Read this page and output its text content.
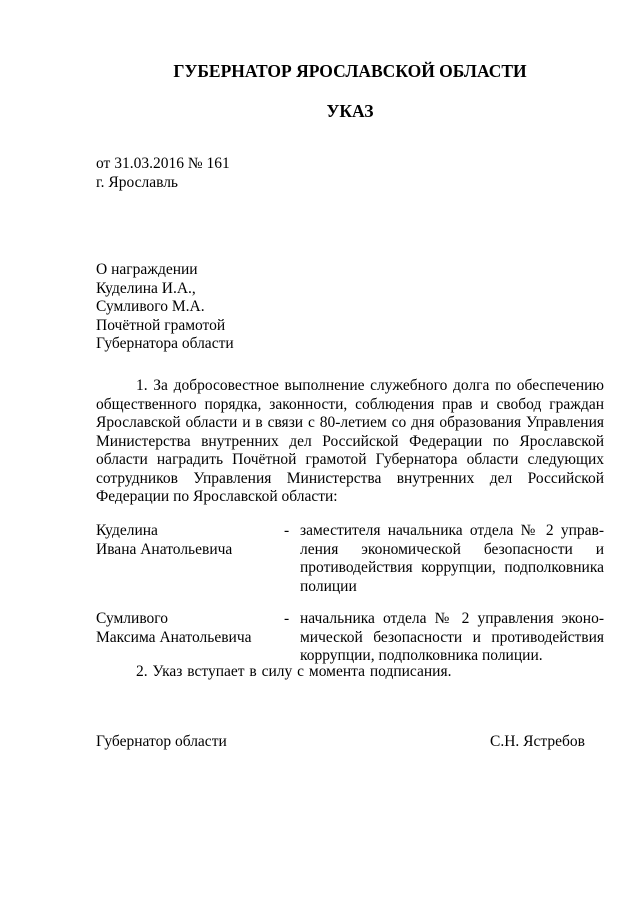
ГУБЕРНАТОР ЯРОСЛАВСКОЙ ОБЛАСТИ
УКАЗ
от 31.03.2016 № 161
г. Ярославль
О награждении
Куделина И.А.,
Сумливого М.А.
Почётной грамотой
Губернатора области
1. За добросовестное выполнение служебного долга по обеспечению общественного порядка, законности, соблюдения прав и свобод граждан Ярославской области и в связи с 80-летием со дня образования Управления Министерства внутренних дел Российской Федерации по Ярославской области наградить Почётной грамотой Губернатора области следующих сотрудников Управления Министерства внутренних дел Российской Федерации по Ярославской области:
Куделина
Ивана Анатольевича
- заместителя начальника отдела № 2 управ-ления экономической безопасности и противодействия коррупции, подполковника полиции
Сумливого
Максима Анатольевича
- начальника отдела № 2 управления эконо-мической безопасности и противодействия коррупции, подполковника полиции.
2. Указ вступает в силу с момента подписания.
Губернатор области	С.Н. Ястребов
